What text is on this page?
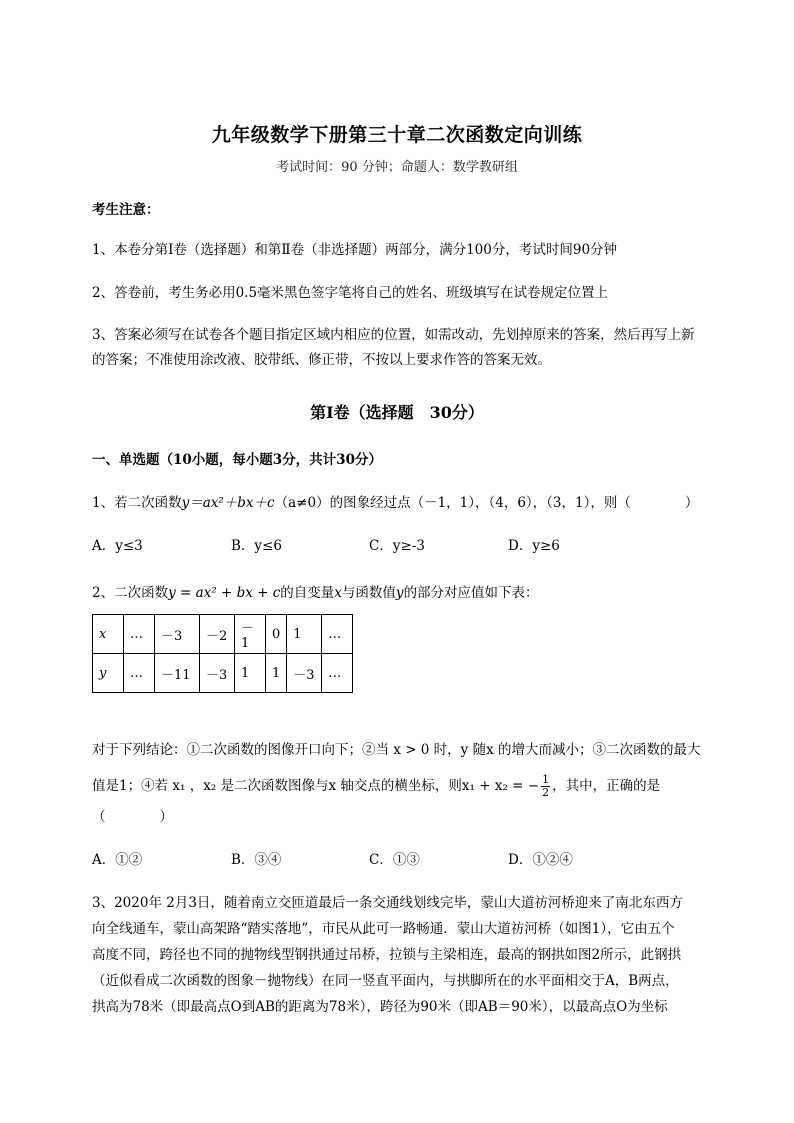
九年级数学下册第三十章二次函数定向训练
考试时间：90 分钟；命题人：数学教研组
考生注意：
1、本卷分第Ⅰ卷（选择题）和第Ⅱ卷（非选择题）两部分，满分100分，考试时间90分钟
2、答卷前，考生务必用0.5毫米黑色签字笔将自己的姓名、班级填写在试卷规定位置上
3、答案必须写在试卷各个题目指定区域内相应的位置，如需改动，先划掉原来的答案，然后再写上新
的答案；不准使用涂改液、胶带纸、修正带，不按以上要求作答的答案无效。
第Ⅰ卷（选择题　30分）
一、单选题（10小题，每小题3分，共计30分）
1、若二次函数y＝ax²＋bx＋c（a≠0）的图象经过点（－1，1），（4，6），（3，1），则（　　　　）
A．y≤3	B．y≤6	C．y≥-3	D．y≥6
2、二次函数y = ax² + bx + c的自变量x与函数值y的部分对应值如下表：
x	…	－3	－2	－1	0	1	…
y	…	－11	－3	1	1	－3	…
对于下列结论：①二次函数的图像开口向下；②当 x > 0 时，y 随x 的增大而减小；③二次函数的最大
值是1；④若 x₁ ，x₂ 是二次函数图像与x 轴交点的横坐标，则x₁ + x₂ = − $\frac{1}{2}$ ，其中，正确的是
（　　　　）
A．①②	B．③④	C．①③	D．①②④
3、2020年 2月3日，随着南立交匝道最后一条交通线划线完毕，蒙山大道祊河桥迎来了南北东西方
向全线通车，蒙山高架路“踏实落地”，市民从此可一路畅通．蒙山大道祊河桥（如图1），它由五个
高度不同，跨径也不同的抛物线型钢拱通过吊桥，拉锁与主梁相连，最高的钢拱如图2所示，此钢拱
（近似看成二次函数的图象－抛物线）在同一竖直平面内，与拱脚所在的水平面相交于A，B两点，
拱高为78米（即最高点O到AB的距离为78米），跨径为90米（即AB＝90米），以最高点O为坐标
